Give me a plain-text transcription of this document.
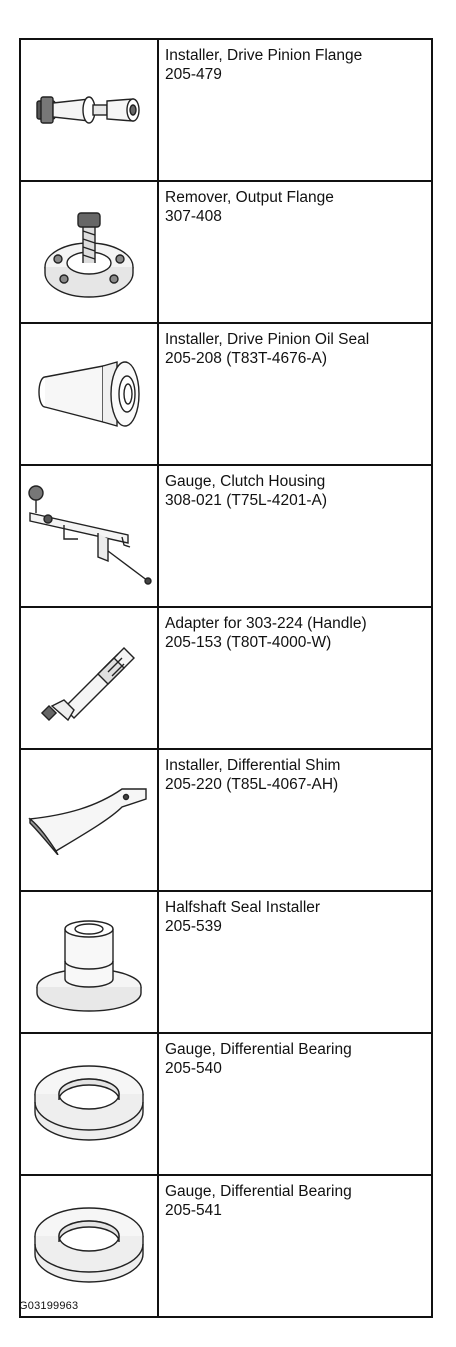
Installer, Drive Pinion Flange
205-479

Remover, Output Flange
307-408

Installer, Drive Pinion Oil Seal
205-208 (T83T-4676-A)

Gauge, Clutch Housing
308-021 (T75L-4201-A)

Adapter for 303-224 (Handle)
205-153 (T80T-4000-W)

Installer, Differential Shim
205-220 (T85L-4067-AH)

Halfshaft Seal Installer
205-539

Gauge, Differential Bearing
205-540

Gauge, Differential Bearing
205-541
G03199963
